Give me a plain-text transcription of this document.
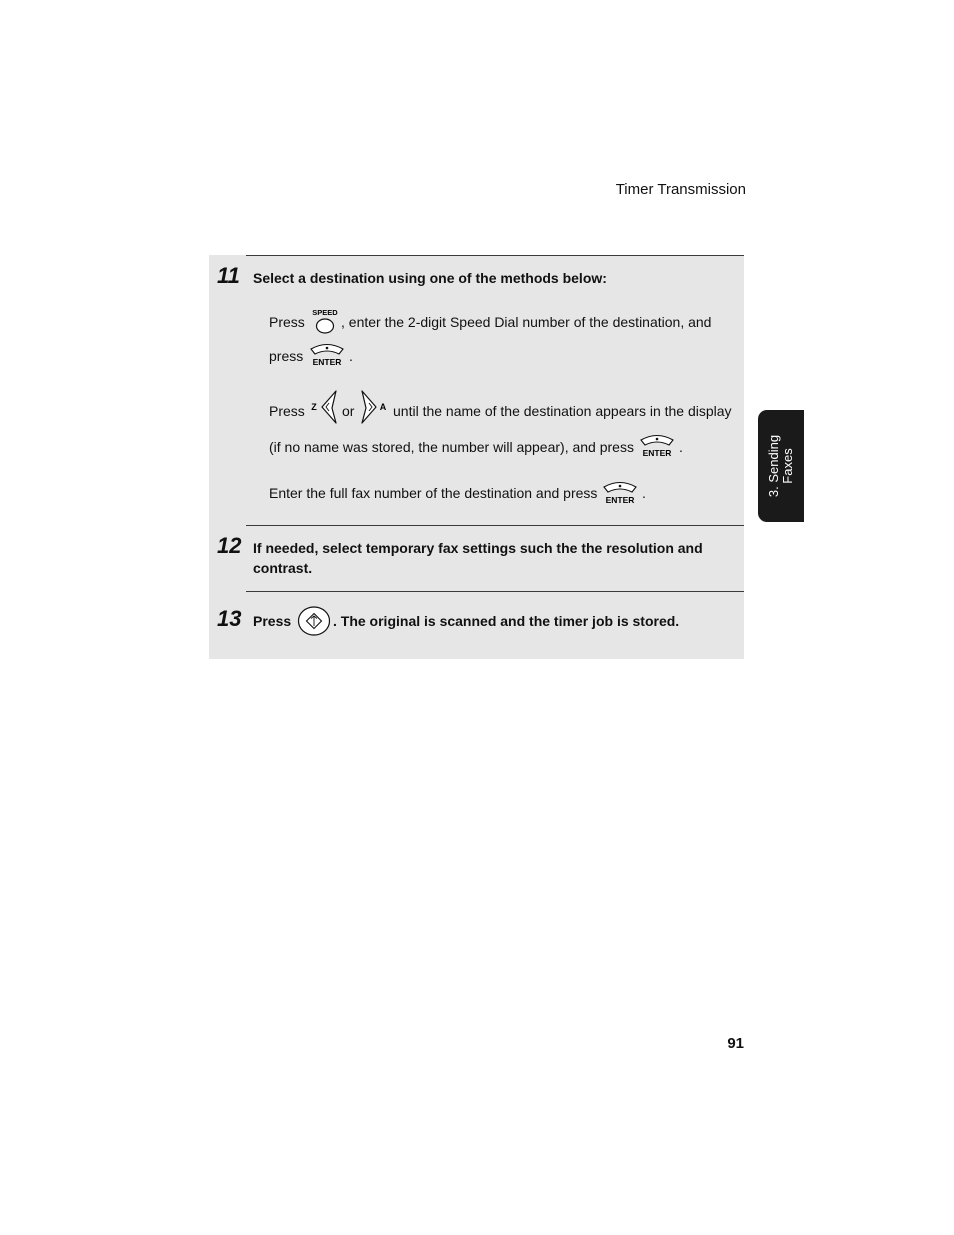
Timer Transmission
11 Select a destination using one of the methods below:
Press
SPEED
, enter the 2-digit Speed Dial number of the destination, and
press ENTER .
Press Z or	A until the name of the destination appears in the display
(if no name was stored, the number will appear), and press ENTER .
Enter the full fax number of the destination and press ENTER .
12 If needed, select temporary fax settings such the the resolution and
contrast.
13 Press	. The original is scanned and the timer job is stored.
3. Sending Faxes
91
